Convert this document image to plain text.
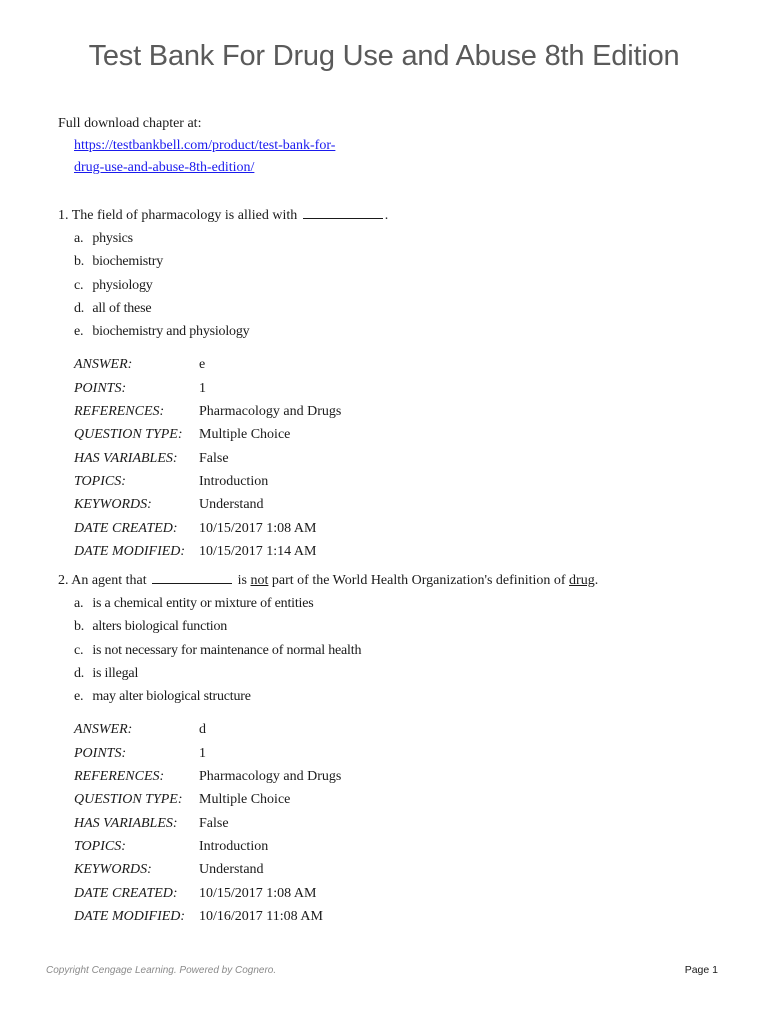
Test Bank For Drug Use and Abuse 8th Edition
Full download chapter at:
https://testbankbell.com/product/test-bank-for-
drug-use-and-abuse-8th-edition/
1. The field of pharmacology is allied with	.
a. physics
b. biochemistry
c. physiology
d. all of these
e. biochemistry and physiology
ANSWER:	e
POINTS:	1
REFERENCES: Pharmacology and Drugs
QUESTION TYPE: Multiple Choice
HAS VARIABLES: False
TOPICS:	Introduction
KEYWORDS:	Understand
DATE CREATED: 10/15/2017 1:08 AM
DATE MODIFIED: 10/15/2017 1:14 AM
2. An agent that	is not part of the World Health Organization's definition of drug.
a. is a chemical entity or mixture of entities
b. alters biological function
c. is not necessary for maintenance of normal health
d. is illegal
e. may alter biological structure
ANSWER:	d
POINTS:	1
REFERENCES: Pharmacology and Drugs
QUESTION TYPE: Multiple Choice
HAS VARIABLES: False
TOPICS:	Introduction
KEYWORDS:	Understand
DATE CREATED: 10/15/2017 1:08 AM
DATE MODIFIED: 10/16/2017 11:08 AM
Copyright Cengage Learning. Powered by Cognero.	Page 1
